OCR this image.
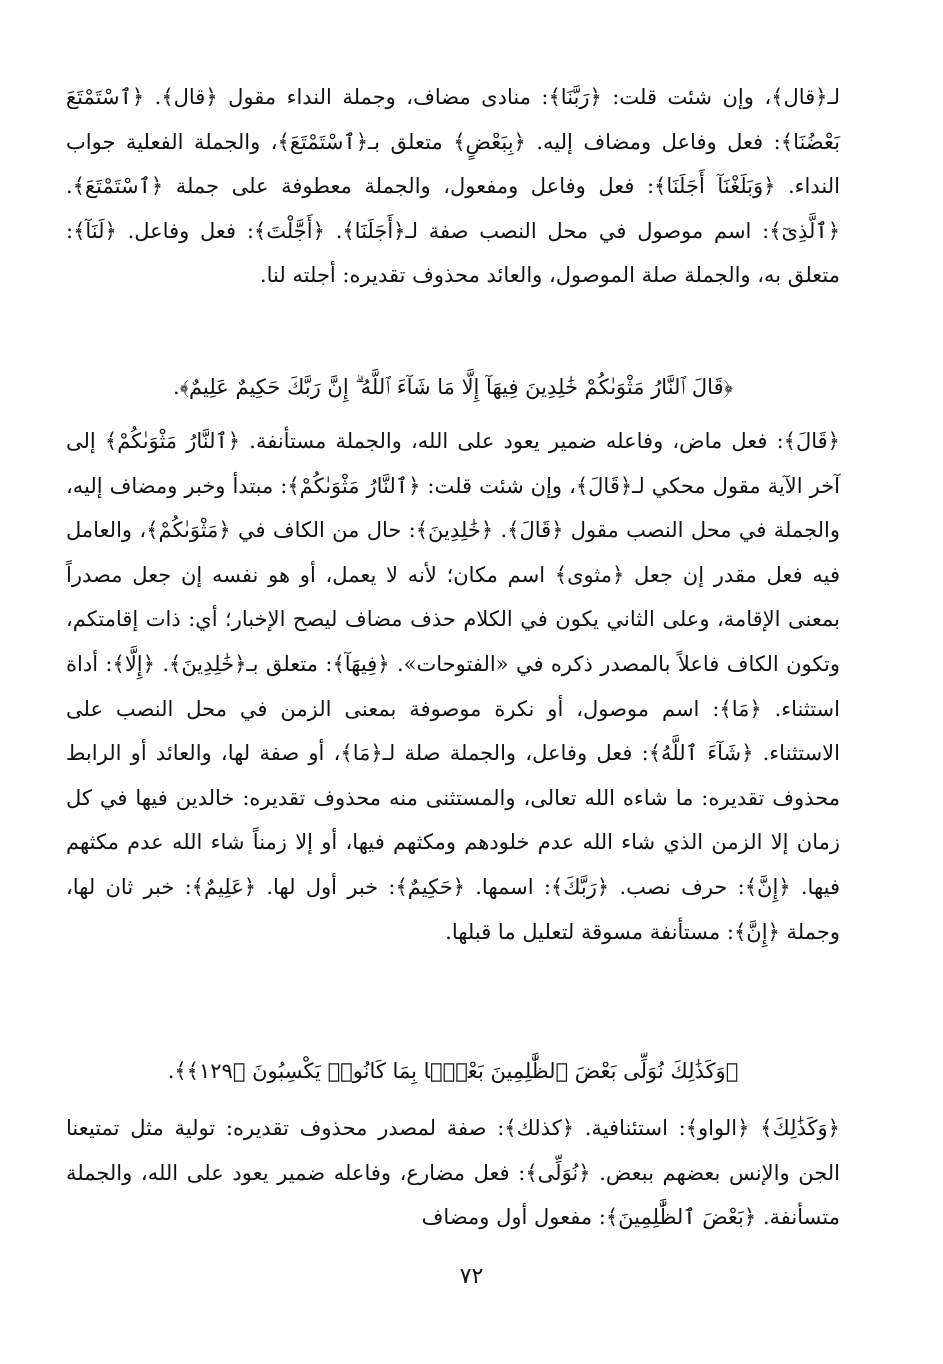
لـ﴿قال﴾، وإن شئت قلت: ﴿رَبَّنَا﴾: منادى مضاف، وجملة النداء مقول ﴿قال﴾. ﴿ٱسْتَمْتَعَ بَعْضُنَا﴾: فعل وفاعل ومضاف إليه. ﴿بِبَعْضٍ﴾ متعلق بـ﴿ٱسْتَمْتَعَ﴾، والجملة الفعلية جواب النداء. ﴿وَبَلَغْنَآ أَجَلَنَا﴾: فعل وفاعل ومفعول، والجملة معطوفة على جملة ﴿ٱسْتَمْتَعَ﴾. ﴿ٱلَّذِىٓ﴾: اسم موصول في محل النصب صفة لـ﴿أَجَلَنَا﴾. ﴿أَجَّلْتَ﴾: فعل وفاعل. ﴿لَنَآ﴾: متعلق به، والجملة صلة الموصول، والعائد محذوف تقديره: أجلته لنا.

﴿قَالَ ٱلنَّارُ مَثْوَىٰكُمْ خَٰلِدِينَ فِيهَآ إِلَّا مَا شَآءَ ٱللَّهُ ۗ إِنَّ رَبَّكَ حَكِيمٌ عَلِيمٌ﴾.

﴿قَالَ﴾: فعل ماض، وفاعله ضمير يعود على الله، والجملة مستأنفة. ﴿ٱلنَّارُ مَثْوَىٰكُمْ﴾ إلى آخر الآية مقول محكي لـ﴿قَالَ﴾، وإن شئت قلت: ﴿ٱلنَّارُ مَثْوَىٰكُمْ﴾: مبتدأ وخبر ومضاف إليه، والجملة في محل النصب مقول ﴿قَالَ﴾. ﴿خَٰلِدِينَ﴾: حال من الكاف في ﴿مَثْوَىٰكُمْ﴾، والعامل فيه فعل مقدر إن جعل ﴿مثوى﴾ اسم مكان؛ لأنه لا يعمل، أو هو نفسه إن جعل مصدراً بمعنى الإقامة، وعلى الثاني يكون في الكلام حذف مضاف ليصح الإخبار؛ أي: ذات إقامتكم، وتكون الكاف فاعلاً بالمصدر ذكره في «الفتوحات». ﴿فِيهَآ﴾: متعلق بـ﴿خَٰلِدِينَ﴾. ﴿إِلَّا﴾: أداة استثناء. ﴿مَا﴾: اسم موصول، أو نكرة موصوفة بمعنى الزمن في محل النصب على الاستثناء. ﴿شَآءَ ٱللَّهُ﴾: فعل وفاعل، والجملة صلة لـ﴿مَا﴾، أو صفة لها، والعائد أو الرابط محذوف تقديره: ما شاءه الله تعالى، والمستثنى منه محذوف تقديره: خالدين فيها في كل زمان إلا الزمن الذي شاء الله عدم خلودهم ومكثهم فيها، أو إلا زمناً شاء الله عدم مكثهم فيها. ﴿إِنَّ﴾: حرف نصب. ﴿رَبَّكَ﴾: اسمها. ﴿حَكِيمٌ﴾: خبر أول لها. ﴿عَلِيمٌ﴾: خبر ثان لها، وجملة ﴿إِنَّ﴾: مستأنفة مسوقة لتعليل ما قبلها.

﴿وَكَذَٰلِكَ نُوَلِّى بَعْضَ ٱلظَّٰلِمِينَ بَعْضًۢا بِمَا كَانُوا۟ يَكْسِبُونَ ﴿١٢٩﴾﴾.

﴿وَكَذَٰلِكَ﴾ ﴿الواو﴾: استئنافية. ﴿كذلك﴾: صفة لمصدر محذوف تقديره: تولية مثل تمتيعنا الجن والإنس بعضهم ببعض. ﴿نُوَلِّى﴾: فعل مضارع، وفاعله ضمير يعود على الله، والجملة متسأنفة. ﴿بَعْضَ ٱلظَّٰلِمِينَ﴾: مفعول أول ومضاف

٧٢
